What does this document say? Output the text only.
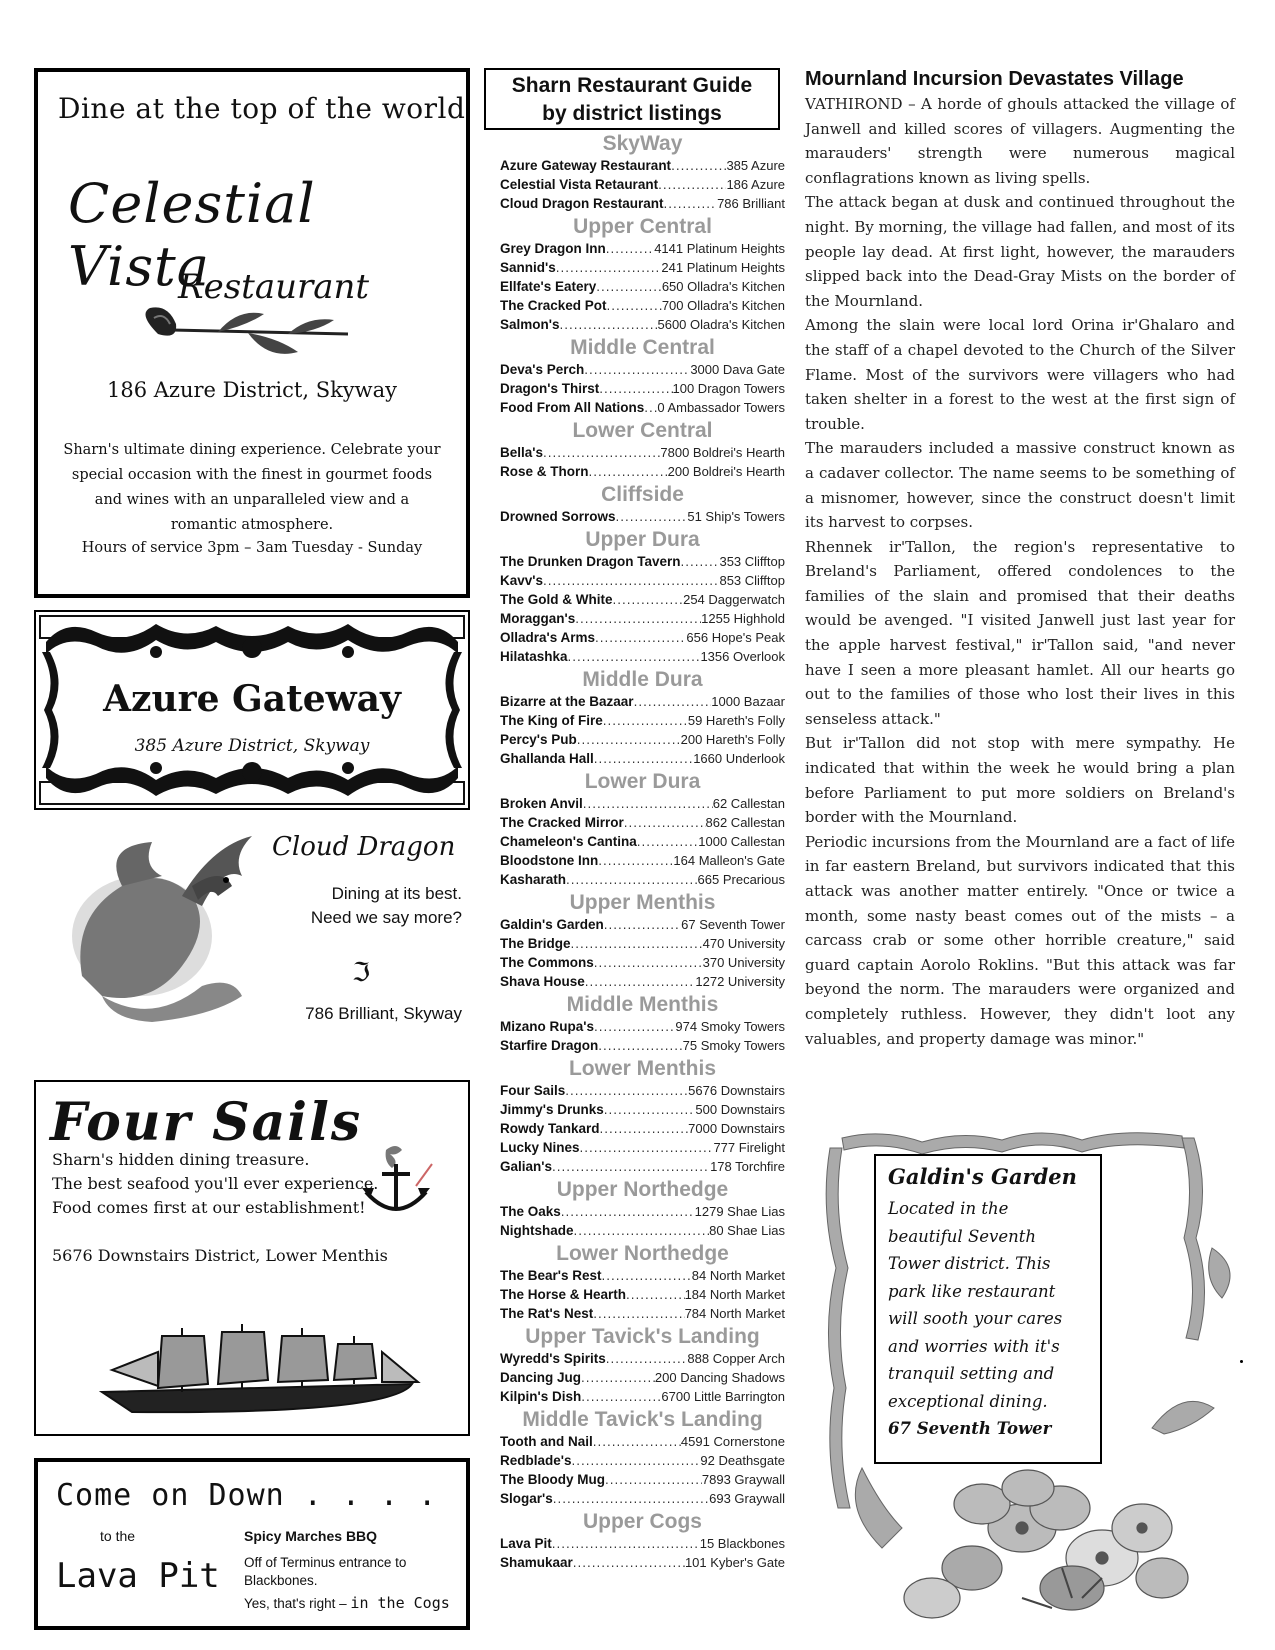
Dine at the top of the world
Celestial Vista
Restaurant
186 Azure District, Skyway
Sharn's ultimate dining experience. Celebrate your special occasion with the finest in gourmet foods and wines with an unparalleled view and a romantic atmosphere.
Hours of service 3pm – 3am Tuesday - Sunday
Azure Gateway
385 Azure District, Skyway
Cloud Dragon
Dining at its best.
Need we say more?
ℑ
786 Brilliant, Skyway
Four Sails
Sharn's hidden dining treasure.
The best seafood you'll ever experience.
Food comes first at our establishment!
5676 Downstairs District, Lower Menthis
Come on Down . . . .
to the
Lava Pit
Spicy Marches BBQ
Off of Terminus entrance to Blackbones.
Yes, that's right – in the Cogs
Sharn Restaurant Guide
by district listings
SkyWay
Azure Gateway Restaurant .....	385 Azure
Celestial Vista Retaurant .....	186 Azure
Cloud Dragon Restaurant .....	786 Brilliant
Upper Central
Grey Dragon Inn .....	4141 Platinum Heights
Sannid's .....	241 Platinum Heights
Ellfate's Eatery .....	650 Olladra's Kitchen
The Cracked Pot .....	700 Olladra's Kitchen
Salmon's .....	5600 Oladra's Kitchen
Middle Central
Deva's Perch .....	3000 Dava Gate
Dragon's Thirst .....	100 Dragon Towers
Food From All Nations ..... 0 Ambassador Towers
Lower Central
Bella's .....	7800 Boldrei's Hearth
Rose & Thorn .....	200 Boldrei's Hearth
Cliffside
Drowned Sorrows .....	51 Ship's Towers
Upper Dura
The Drunken Dragon Tavern .....	353 Clifftop
Kavv's .....	853 Clifftop
The Gold & White .....	254 Daggerwatch
Moraggan's .....	1255 Highhold
Olladra's Arms .....	656 Hope's Peak
Hilatashka .....	1356 Overlook
Middle Dura
Bizarre at the Bazaar .....	1000 Bazaar
The King of Fire .....	59 Hareth's Folly
Percy's Pub .....	200 Hareth's Folly
Ghallanda Hall .....	1660 Underlook
Lower Dura
Broken Anvil .....	62 Callestan
The Cracked Mirror .....	862 Callestan
Chameleon's Cantina .....	1000 Callestan
Bloodstone Inn .....	164 Malleon's Gate
Kasharath .....	665 Precarious
Upper Menthis
Galdin's Garden .....	67 Seventh Tower
The Bridge .....	470 University
The Commons .....	370 University
Shava House .....	1272 University
Middle Menthis
Mizano Rupa's .....	974 Smoky Towers
Starfire Dragon .....	75 Smoky Towers
Lower Menthis
Four Sails .....	5676 Downstairs
Jimmy's Drunks .....	500 Downstairs
Rowdy Tankard .....	7000 Downstairs
Lucky Nines .....	777 Firelight
Galian's .....	178 Torchfire
Upper Northedge
The Oaks .....	1279 Shae Lias
Nightshade .....	80 Shae Lias
Lower Northedge
The Bear's Rest .....	84 North Market
The Horse & Hearth .....	184 North Market
The Rat's Nest .....	784 North Market
Upper Tavick's Landing
Wyredd's Spirits .....	888 Copper Arch
Dancing Jug .....	200 Dancing Shadows
Kilpin's Dish .....	6700 Little Barrington
Middle Tavick's Landing
Tooth and Nail .....	4591 Cornerstone
Redblade's .....	92 Deathsgate
The Bloody Mug .....	7893 Graywall
Slogar's .....	693 Graywall
Upper Cogs
Lava Pit .....	15 Blackbones
Shamukaar .....	101 Kyber's Gate
Mournland Incursion Devastates Village

VATHIROND – A horde of ghouls attacked the village of Janwell and killed scores of villagers. Augmenting the marauders' strength were numerous magical conflagrations known as living spells.

The attack began at dusk and continued throughout the night. By morning, the village had fallen, and most of its people lay dead. At first light, however, the marauders slipped back into the Dead-Gray Mists on the border of the Mournland.

Among the slain were local lord Orina ir'Ghalaro and the staff of a chapel devoted to the Church of the Silver Flame. Most of the survivors were villagers who had taken shelter in a forest to the west at the first sign of trouble.

The marauders included a massive construct known as a cadaver collector. The name seems to be something of a misnomer, however, since the construct doesn't limit its harvest to corpses.

Rhennek ir'Tallon, the region's representative to Breland's Parliament, offered condolences to the families of the slain and promised that their deaths would be avenged. "I visited Janwell just last year for the apple harvest festival," ir'Tallon said, "and never have I seen a more pleasant hamlet. All our hearts go out to the families of those who lost their lives in this senseless attack."

But ir'Tallon did not stop with mere sympathy. He indicated that within the week he would bring a plan before Parliament to put more soldiers on Breland's border with the Mournland.

Periodic incursions from the Mournland are a fact of life in far eastern Breland, but survivors indicated that this attack was another matter entirely. "Once or twice a month, some nasty beast comes out of the mists – a carcass crab or some other horrible creature," said guard captain Aorolo Roklins. "But this attack was far beyond the norm. The marauders were organized and completely ruthless. However, they didn't loot any valuables, and property damage was minor."

Galdin's Garden
Located in the beautiful Seventh Tower district. This park like restaurant will sooth your cares and worries with it's tranquil setting and exceptional dining.
67 Seventh Tower
